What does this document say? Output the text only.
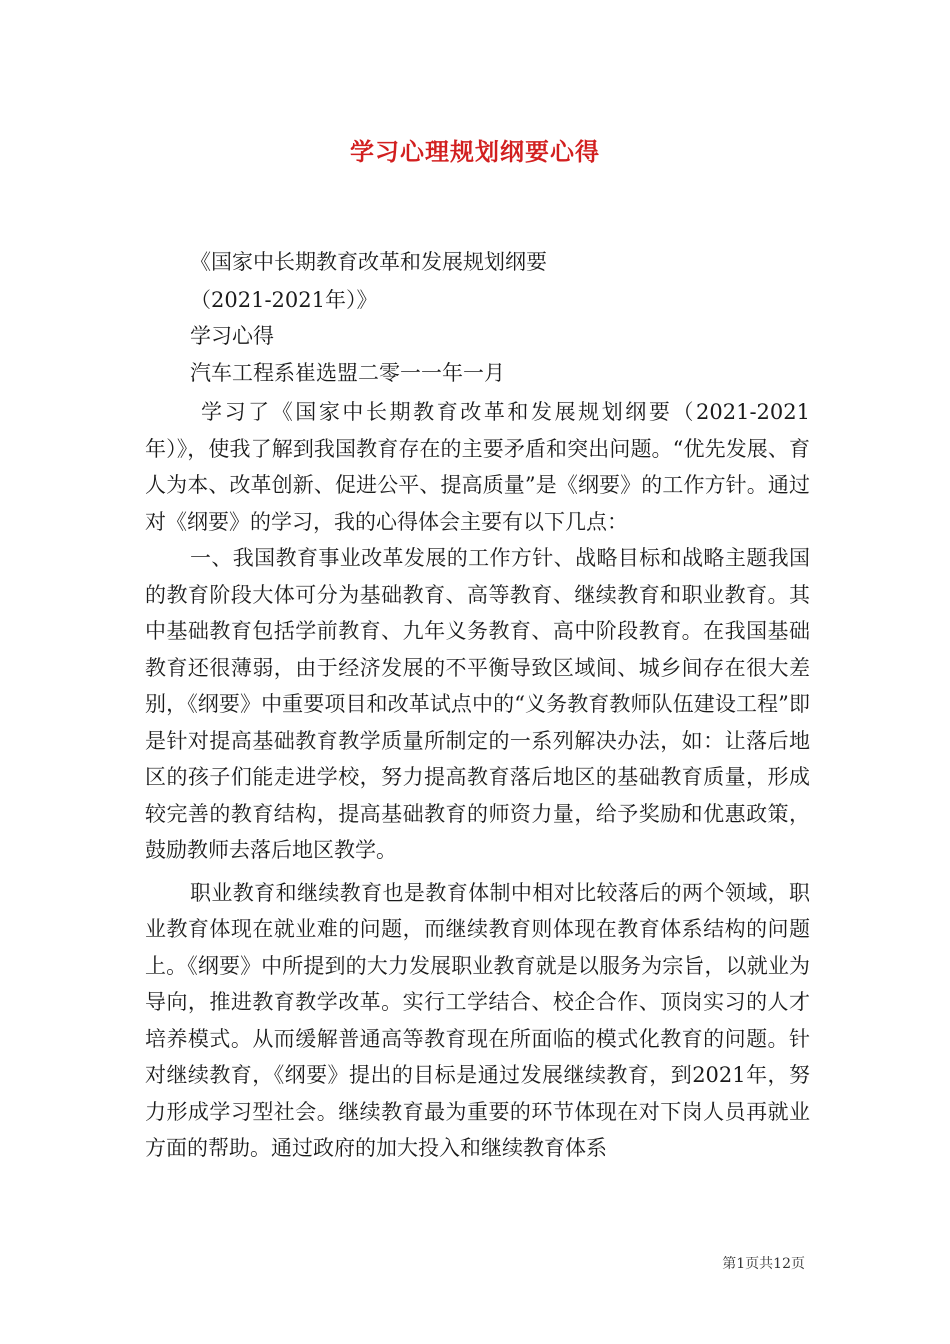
学习心理规划纲要心得
《国家中长期教育改革和发展规划纲要
（2021-2021年）》
学习心得
汽车工程系崔选盟二零一一年一月

学习了《国家中长期教育改革和发展规划纲要（2021-2021年）》，使我了解到我国教育存在的主要矛盾和突出问题。“优先发展、育人为本、改革创新、促进公平、提高质量”是《纲要》的工作方针。通过对《纲要》的学习，我的心得体会主要有以下几点：

一、我国教育事业改革发展的工作方针、战略目标和战略主题我国的教育阶段大体可分为基础教育、高等教育、继续教育和职业教育。其中基础教育包括学前教育、九年义务教育、高中阶段教育。在我国基础教育还很薄弱，由于经济发展的不平衡导致区域间、城乡间存在很大差别，《纲要》中重要项目和改革试点中的“义务教育教师队伍建设工程”即是针对提高基础教育教学质量所制定的一系列解决办法，如：让落后地区的孩子们能走进学校，努力提高教育落后地区的基础教育质量，形成较完善的教育结构，提高基础教育的师资力量，给予奖励和优惠政策，鼓励教师去落后地区教学。

职业教育和继续教育也是教育体制中相对比较落后的两个领域，职业教育体现在就业难的问题，而继续教育则体现在教育体系结构的问题上。《纲要》中所提到的大力发展职业教育就是以服务为宗旨，以就业为导向，推进教育教学改革。实行工学结合、校企合作、顶岗实习的人才培养模式。从而缓解普通高等教育现在所面临的模式化教育的问题。针对继续教育，《纲要》提出的目标是通过发展继续教育，到2021年，努力形成学习型社会。继续教育最为重要的环节体现在对下岗人员再就业方面的帮助。通过政府的加大投入和继续教育体系

第1页共12页
